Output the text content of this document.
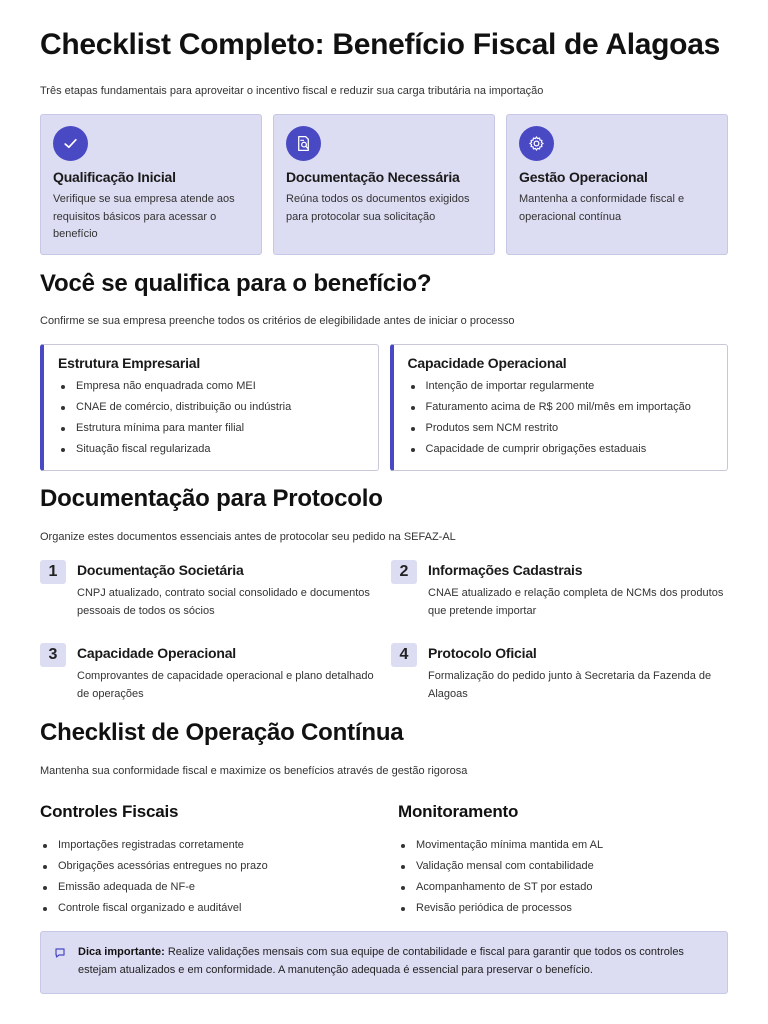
Checklist Completo: Benefício Fiscal de Alagoas
Três etapas fundamentais para aproveitar o incentivo fiscal e reduzir sua carga tributária na importação
Qualificação Inicial

Verifique se sua empresa atende aos requisitos básicos para acessar o benefício

Documentação Necessária

Reúna todos os documentos exigidos para protocolar sua solicitação

Gestão Operacional

Mantenha a conformidade fiscal e operacional contínua

Você se qualifica para o benefício?
Confirme se sua empresa preenche todos os critérios de elegibilidade antes de iniciar o processo
Estrutura Empresarial
Empresa não enquadrada como MEI
CNAE de comércio, distribuição ou indústria
Estrutura mínima para manter filial
Situação fiscal regularizada
Capacidade Operacional
Intenção de importar regularmente
Faturamento acima de R$ 200 mil/mês em importação
Produtos sem NCM restrito
Capacidade de cumprir obrigações estaduais
Documentação para Protocolo
Organize estes documentos essenciais antes de protocolar seu pedido na SEFAZ-AL
1	Documentação Societária

CNPJ atualizado, contrato social consolidado e documentos pessoais de todos os sócios

2	Informações Cadastrais

CNAE atualizado e relação completa de NCMs dos produtos que pretende importar

3	Capacidade Operacional

Comprovantes de capacidade operacional e plano detalhado de operações

4	Protocolo Oficial

Formalização do pedido junto à Secretaria da Fazenda de Alagoas

Checklist de Operação Contínua
Mantenha sua conformidade fiscal e maximize os benefícios através de gestão rigorosa
Controles Fiscais
Importações registradas corretamente
Obrigações acessórias entregues no prazo
Emissão adequada de NF-e
Controle fiscal organizado e auditável
Monitoramento
Movimentação mínima mantida em AL
Validação mensal com contabilidade
Acompanhamento de ST por estado
Revisão periódica de processos

Dica importante: Realize validações mensais com sua equipe de contabilidade e fiscal para garantir que todos os controles estejam atualizados e em conformidade. A manutenção adequada é essencial para preservar o benefício.
